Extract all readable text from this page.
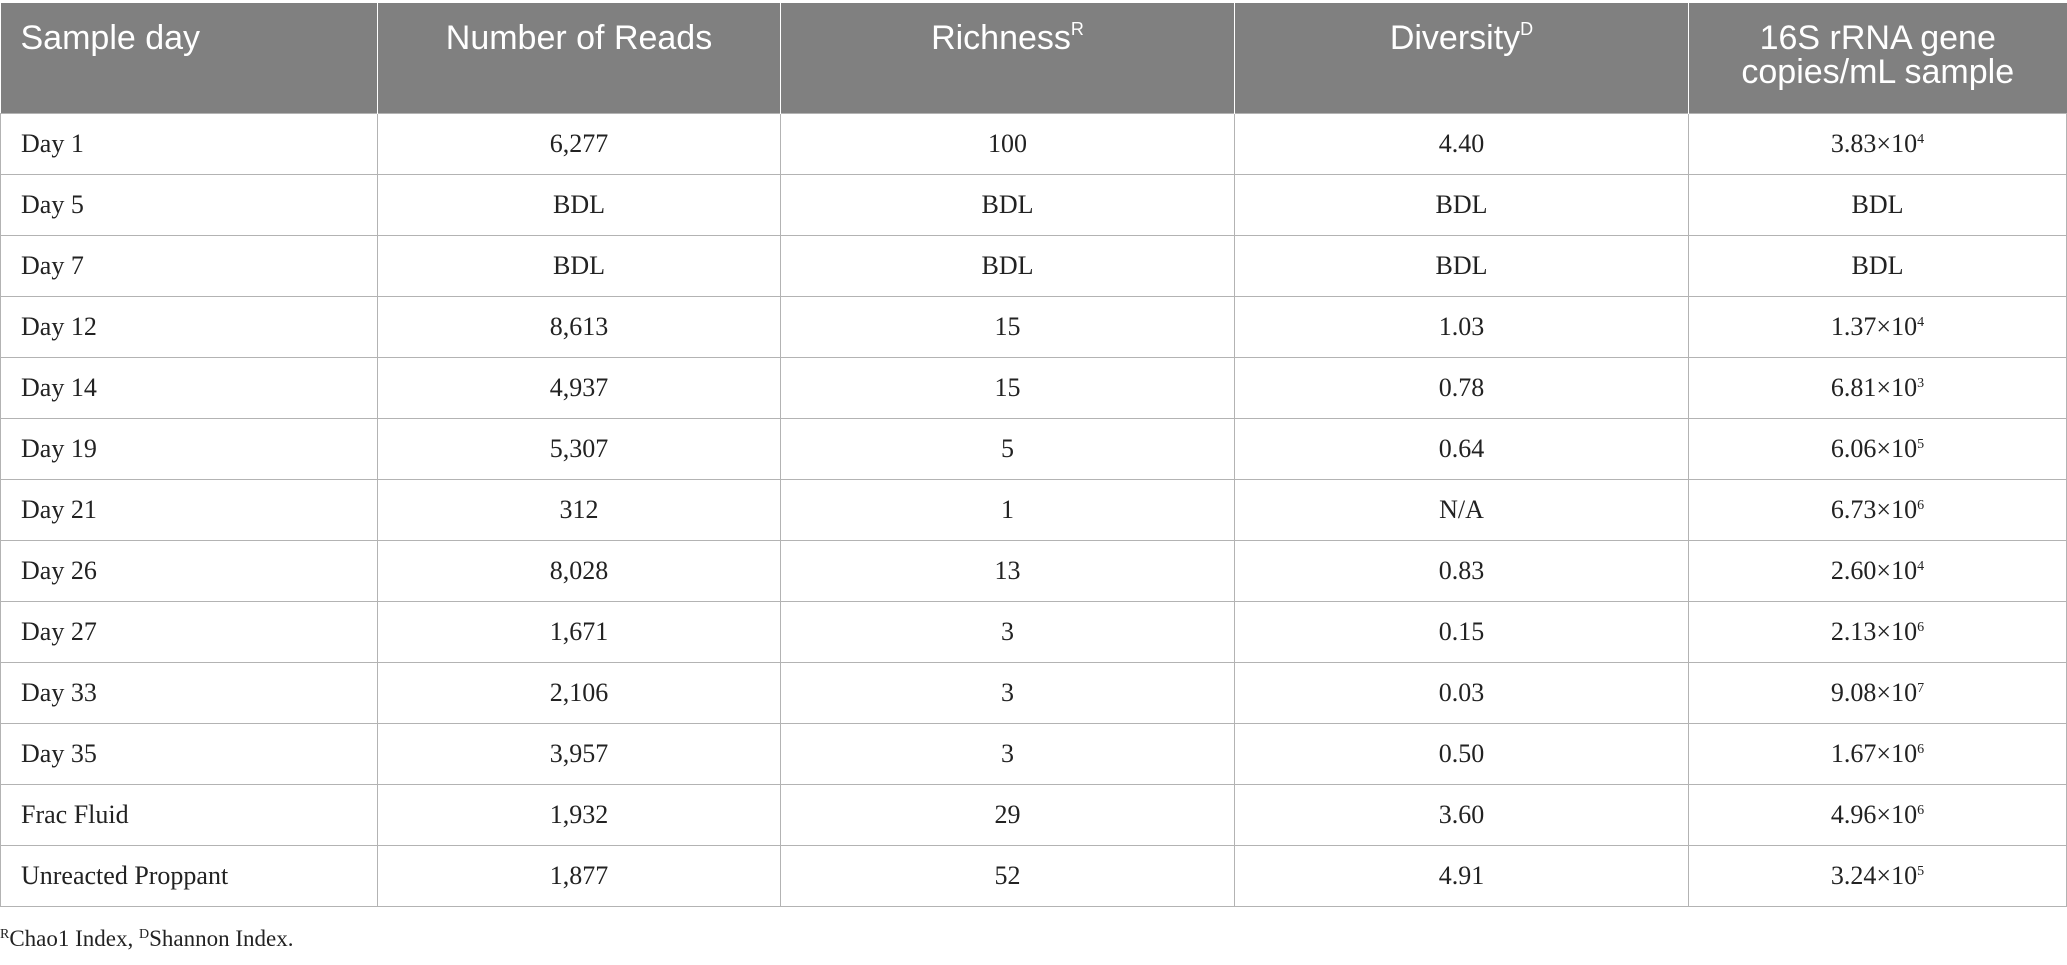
Sample day	Number of Reads	Richness$^R$	Diversity$^D$	16S rRNA gene copies/mL sample

Day 1	6,277	100	4.40	$3.83\times 10^4$
Day 5	BDL	BDL	BDL	BDL
Day 7	BDL	BDL	BDL	BDL
Day 12	8,613	15	1.03	$1.37\times 10^4$
Day 14	4,937	15	0.78	$6.81\times 10^3$
Day 19	5,307	5	0.64	$6.06\times 10^5$
Day 21	312	1	N/A	$6.73\times 10^6$
Day 26	8,028	13	0.83	$2.60\times 10^4$
Day 27	1,671	3	0.15	$2.13\times 10^6$
Day 33	2,106	3	0.03	$9.08\times 10^7$
Day 35	3,957	3	0.50	$1.67\times 10^6$
Frac Fluid	1,932	29	3.60	$4.96\times 10^6$
Unreacted Proppant	1,877	52	4.91	$3.24\times 10^5$
$^R$Chao1 Index, $^D$Shannon Index.
